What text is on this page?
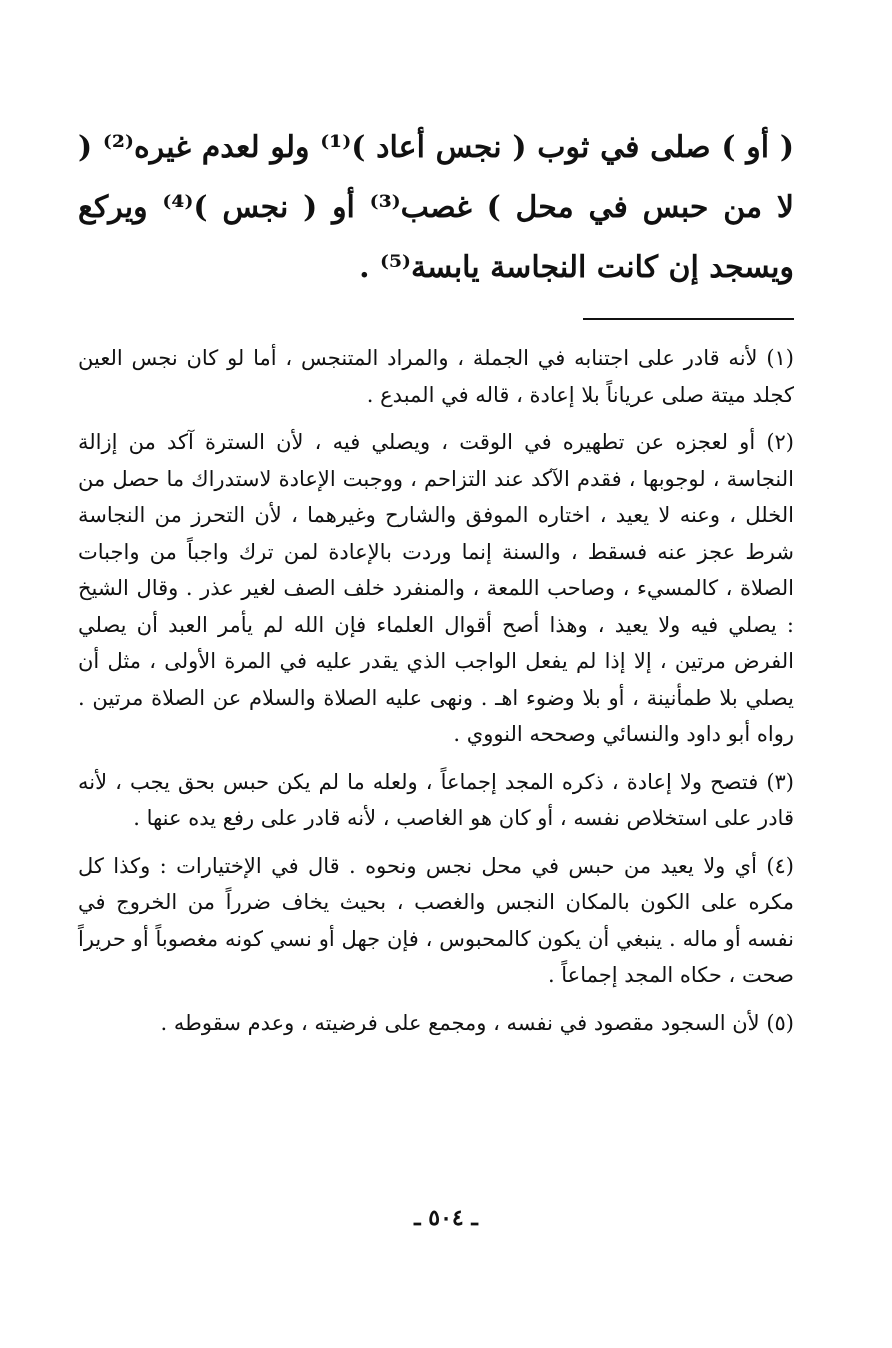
( أو ) صلى في ثوب ( نجس أعاد )⁽¹⁾ ولو لعدم غيره⁽²⁾ ( لا من حبس في محل ) غصب⁽³⁾ أو ( نجس )⁽⁴⁾ ويركع ويسجد إن كانت النجاسة يابسة⁽⁵⁾ .

(١) لأنه قادر على اجتنابه في الجملة ، والمراد المتنجس ، أما لو كان نجس العين كجلد ميتة صلى عرياناً بلا إعادة ، قاله في المبدع .

(٢) أو لعجزه عن تطهيره في الوقت ، ويصلي فيه ، لأن السترة آكد من إزالة النجاسة ، لوجوبها ، فقدم الآكد عند التزاحم ، ووجبت الإعادة لاستدراك ما حصل من الخلل ، وعنه لا يعيد ، اختاره الموفق والشارح وغيرهما ، لأن التحرز من النجاسة شرط عجز عنه فسقط ، والسنة إنما وردت بالإعادة لمن ترك واجباً من واجبات الصلاة ، كالمسيء ، وصاحب اللمعة ، والمنفرد خلف الصف لغير عذر . وقال الشيخ : يصلي فيه ولا يعيد ، وهذا أصح أقوال العلماء فإن الله لم يأمر العبد أن يصلي الفرض مرتين ، إلا إذا لم يفعل الواجب الذي يقدر عليه في المرة الأولى ، مثل أن يصلي بلا طمأنينة ، أو بلا وضوء اهـ . ونهى عليه الصلاة والسلام عن الصلاة مرتين . رواه أبو داود والنسائي وصححه النووي .

(٣) فتصح ولا إعادة ، ذكره المجد إجماعاً ، ولعله ما لم يكن حبس بحق يجب ، لأنه قادر على استخلاص نفسه ، أو كان هو الغاصب ، لأنه قادر على رفع يده عنها .

(٤) أي ولا يعيد من حبس في محل نجس ونحوه . قال في الإختيارات : وكذا كل مكره على الكون بالمكان النجس والغصب ، بحيث يخاف ضرراً من الخروج في نفسه أو ماله . ينبغي أن يكون كالمحبوس ، فإن جهل أو نسي كونه مغصوباً أو حريراً صحت ، حكاه المجد إجماعاً .

(٥) لأن السجود مقصود في نفسه ، ومجمع على فرضيته ، وعدم سقوطه .

ـ ٥٠٤ ـ
